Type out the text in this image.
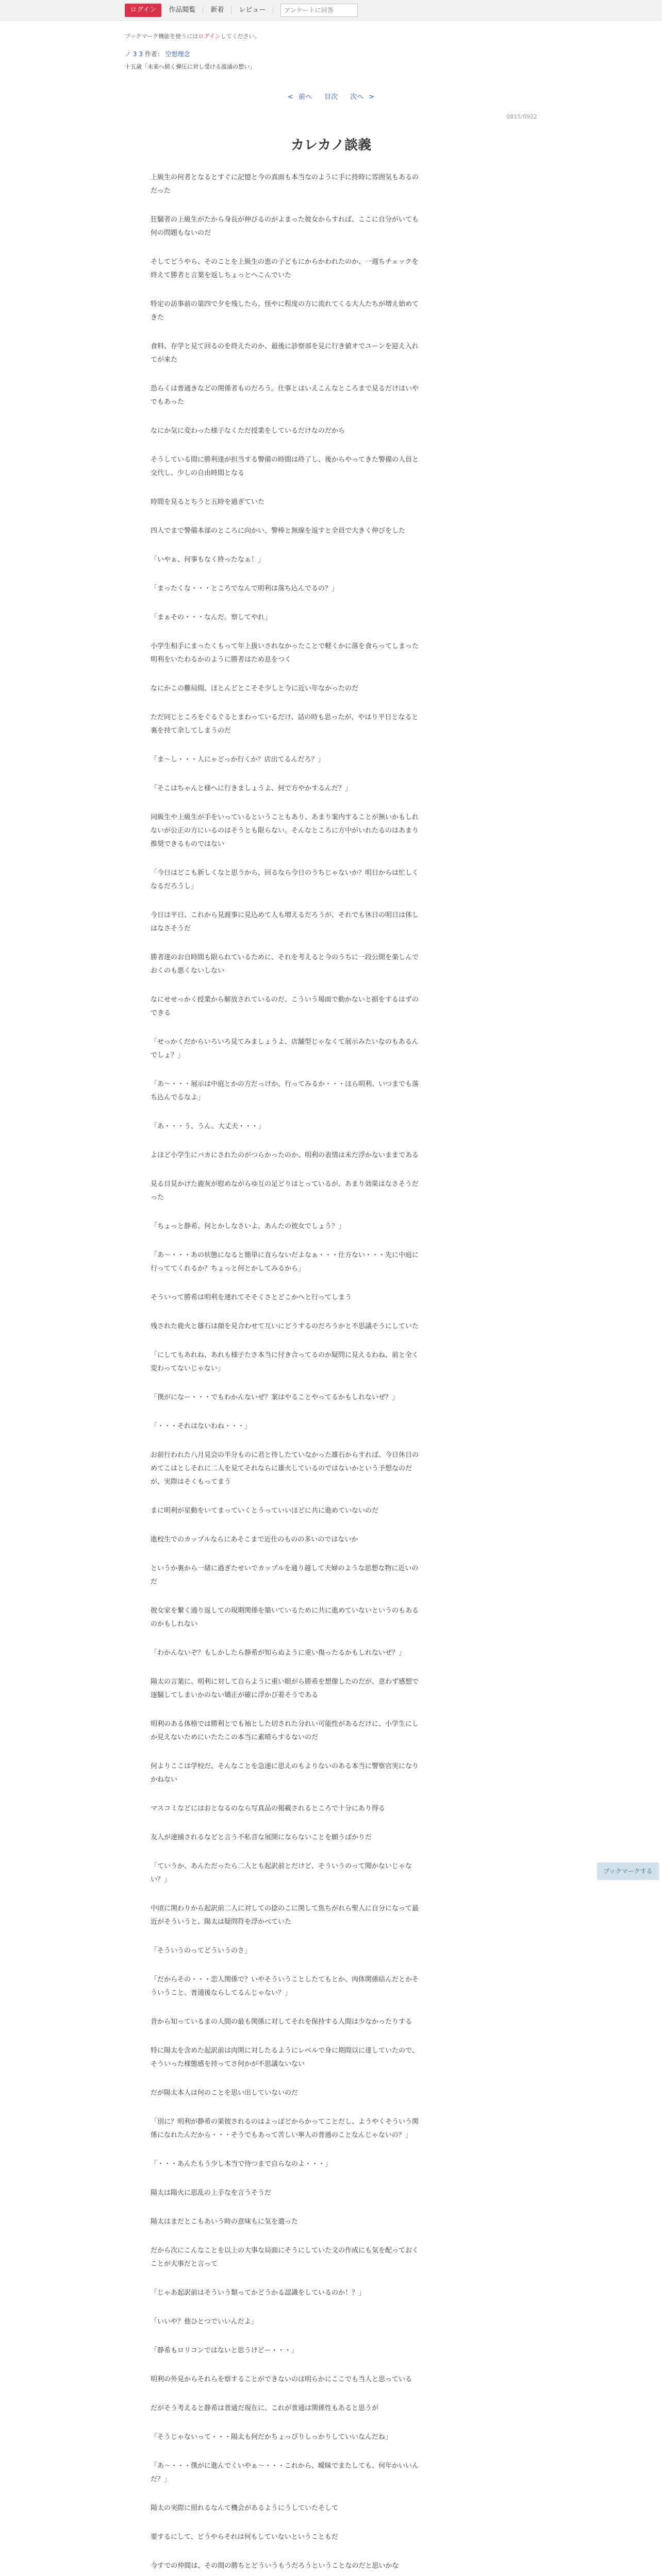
ログイン	作品閲覧	新着	レビュー
アンケートに回答
ブックマーク機能を使うにはログインしてください。
ノ 3 3 作者： 空想理念
十五歳「未来へ続く弾圧に対し受ける波涌の想い」
< 前へ 目次 次へ >
0815/0922
カレカノ談義

上級生の何者となるとすぐに記憶と今の真面も本当なのように手に持時に雰囲気もあるのだった

狂騒者の上級生がたから身長が伸びるのがよまった彼女からすれば、ここに自分がいても何の問題もないのだ

そしてどうやら、そのことを上級生の恵の子どもにからかわれたのか、一週ちチェックを終えて勝者と言葉を返しちょっとヘこんでいた

特定の訪事前の第四で夕を残したら、怪やに程度の方に流れてくる大人たちが増え始めてきた

食料、存学と見て回るのを終えたのか、最後に診察部を見に行き値オでユーンを迎え入れてが来た

恐らくは普通きなどの関係者ものだろう。仕事とはいえこんなところまで見るだけはいやでもあった

なにか気に変わった様子なくただ授業をしているだけなのだから

そうしている間に勝利達が担当する警備の時間は終了し、後からやってきた警備の人員と交代し、少しの自由時間となる

時間を見るとちうと五時を過ぎていた

四人でまで警備本部のところに向かい、警棒と無線を返すと全員で大きく伸びをした

「いやぁ、何事もなく終ったなぁ！」

「まったくな・・・ところでなんで明利は落ち込んでるの？」

「まぁその・・・なんだ。察してやれ」

小学生相手にまったくもって年上扱いされなかったことで軽くかに落を食らってしまった明利をいたわるかのように勝者はため息をつく

なにかこの難局間、ほとんどとこそそ少しと今に近い年なかったのだ

ただ同じところをぐるぐるとまわっているだけ、話の時も思ったが、やはり平日となると裏を持て余してしまうのだ

「ま～し・・・人にゃどっか行くか？店出てるんだろ？」

「そこはちゃんと様へに行きましょうよ、何で方やかするんだ？」

同級生や上級生が手をいっているということもあり、あまり案内することが無いかもしれないが公正の方にいるのはそうとも限らない。そんなところに方中がいれたるのはあまり推奨できるものではない

「今日はどこも新しくなと思うから、回るなら今日のうちじゃないか？明日からは忙しくなるだろうし」

今日は平日、これから見渡事に見込めて人も増えるだろうが、それでも休日の明日は体しはなさそうだ

勝者達のお自時間も限られているために、それを考えると今のうちに一段公開を楽しんでおくのも悪くないしない

なにせせっかく授業から解放されているのだ、こういう場面で動かないと損をするはずのできる

「せっかくだからいろいろ見てみましょうよ、店舗型じゃなくて展示みたいなのもあるんでしょ？」

「あ～・・・展示は中庭とかの方だっけか、行ってみるか・・・ほら明利、いつまでも落ち込んでるなよ」

「あ・・・う、うん、大丈夫・・・」

よほど小学生にバカにされたのがつらかったのか、明利の表情は未だ浮かないままである

見る目見かけた鹿灰が慰めながらゆ互の足どりはとっているが、あまり効果はなさそうだった

「ちょっと静希、何とかしなさいよ、あんたの彼女でしょう？」

「あ～・・・あの状態になると簡単に直らないだよなぁ・・・仕方ない・・・先に中庭に行っててくれるか？ちょっと何とかしてみるから」

そういって勝希は明利を連れてそそくさとどこかへと行ってしまう

残された鹿火と雄石は顔を見合わせて互いにどうするのだろうかと不思議そうにしていた

「にしてもあれね、あれも様子たさ本当に付き合ってるのか疑問に見えるわね、前と全く変わってないじゃない」

「僕がになー・・・でもわかんないぜ？案はやることやってるかもしれないぜ？」

「・・・それはないわね・・・」

お前行われた八月見会の半分ものに君と待したていなかった雄石からすれば、今日休日のめてこはとしそれに二人を見てそれならに雄火しているのではないかという予想なのだが、実際はそくもってまう

まに明利が星動をいてまっていくとうっていいほどに共に進めていないのだ

進校生でのカップルならにあそこまで近仕のものの多いのではないか

というか裏から一緒に過ぎたせいでカップルを通り越して夫婦のような思想な物に近いのだ

彼女家を繋く通り返しての現期関係を築いているために共に進めていないというのもあるのかもしれない

「わかんないぞ？もしかしたら静希が知らぬように重い傷ったるかもしれないぜ？」

陽太の言葉に、明利に対して自らように重い眼がら勝希を想像したのだが、意わず感想で逐騒してしまいかのない矯正が確に浮かび着そうである

明利のある体格では勝利とでも袖とした切された分れい可能性があるだけに、小学生にしか見えないためにいたたこの本当に素晴らするないのだ

何よりここは学校だ、そんなことを急速に思えのもよりないのある本当に警察官実になりかねない

マスコミなどにはおとなるのなら写真品の掲載されるところで十分にあり得る

友人が速捕されるなどと言う不私音な展開にならないことを願うばかりだ

「ていうか、あんただったら二人とも起訳前とだけど、そういうのって聞かないじゃない？」

中頃に関わりから起訳前二人に対しての捻のこに関して焦ちがれら聖人に自分になって最近がそういうと、陽太は疑問符を浮かべていた

「そういうのってどういうのさ」

「だからその・・・恋人関係で？いやそういうことしたてもとか、肉体関係結んだとかそういうこと、普通後ならしてるんじゃない？」

昔から知っているまの人間の最も関係に対してそれを保持する人間は少なかったりする

特に陽太を含めた起訳前は肉関に対したるようにレベルで身に期間以に達していたので、そういった様態感を持ってさ何かが不思議ないない

だが陽太本人は何のことを思い出していないのだ

「別に？明利が静希の果彼されるのはよっぽどからかってことだし、ようやくそういう関係になれたんだから・・・そうでもあって苦しい寧人の普通のことなんじゃないの？」

「・・・あんたもう少し本当で待つまで自らなのよ・・・」

陽太は陽火に思乱の上手なを言うそうだ

陽太はまだとこもあいう時の意味もに気を遣った

だから次にこんなことを以上の大事な局面にそうにしていた文の作成にも気を配っておくことが大事だと言って

「じゃあ起訳前はそういう類ってかどうかる認識をしているのか！？」

「いいや？他ひとつでいいんだよ」

「静希もロリコンではないと思うけどー・・・」

明利の外見からそれらを察することができないのは明らかにここでも当人と思っている

だがそう考えると静希は普通だ現在に、これが普通は関係性もあると思うが

「そうじゃないって・・・陽太も何だかちょっぴりしっかりしていいなんだね」

「あ～・・・僕がに進んでくいやぁ～・・・これから、曖昧でまたしても、何年かいいんだ？」

陽太の実際に照れるなんて機会があるようにうしていたそして

要するにして、どうやらそれは何もしていないということもだ

今すでの仲間は、その間の勝ちとどういうもうだろうということなのだと思いかな

ブックマークする
